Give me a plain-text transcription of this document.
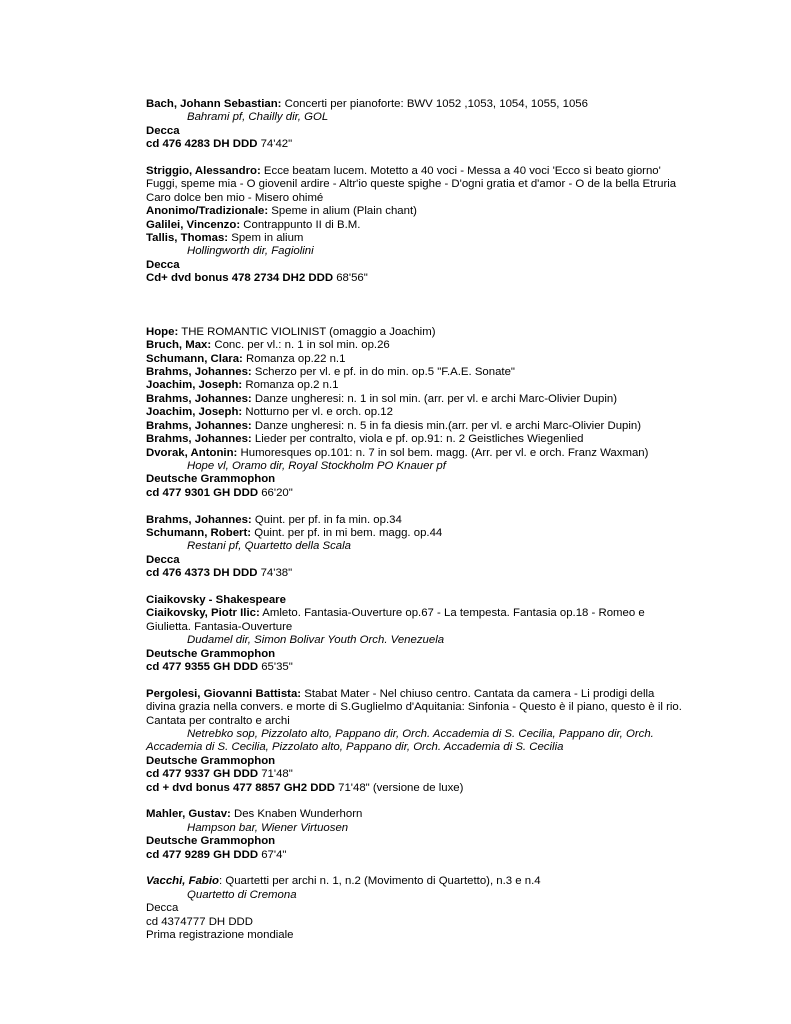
Bach, Johann Sebastian: Concerti per pianoforte: BWV 1052 ,1053, 1054, 1055, 1056
Bahrami pf, Chailly dir, GOL
Decca
cd 476 4283 DH DDD 74'42"
Striggio, Alessandro: Ecce beatam lucem. Motetto a 40 voci - Messa a 40 voci 'Ecco sì beato giorno'
Fuggi, speme mia - O giovenil ardire - Altr'io queste spighe - D'ogni gratia et d'amor - O de la bella Etruria
Caro dolce ben mio - Misero ohimé
Anonimo/Tradizionale: Speme in alium (Plain chant)
Galilei, Vincenzo: Contrappunto II di B.M.
Tallis, Thomas: Spem in alium
Hollingworth dir, Fagiolini
Decca
Cd+ dvd bonus 478 2734 DH2 DDD 68'56"
Hope: THE ROMANTIC VIOLINIST (omaggio a Joachim)
Bruch, Max: Conc. per vl.: n. 1 in sol min. op.26
Schumann, Clara: Romanza op.22 n.1
Brahms, Johannes: Scherzo per vl. e pf. in do min. op.5 "F.A.E. Sonate"
Joachim, Joseph: Romanza op.2 n.1
Brahms, Johannes: Danze ungheresi: n. 1 in sol min. (arr. per vl. e archi Marc-Olivier Dupin)
Joachim, Joseph: Notturno per vl. e orch. op.12
Brahms, Johannes: Danze ungheresi: n. 5 in fa diesis min.(arr. per vl. e archi Marc-Olivier Dupin)
Brahms, Johannes: Lieder per contralto, viola e pf. op.91: n. 2 Geistliches Wiegenlied
Dvorak, Antonin: Humoresques op.101: n. 7 in sol bem. magg. (Arr. per vl. e orch. Franz Waxman)
Hope vl, Oramo dir, Royal Stockholm PO Knauer pf
Deutsche Grammophon
cd 477 9301 GH DDD 66'20"
Brahms, Johannes: Quint. per pf. in fa min. op.34
Schumann, Robert: Quint. per pf. in mi bem. magg. op.44
Restani pf, Quartetto della Scala
Decca
cd 476 4373 DH DDD 74'38"
Ciaikovsky - Shakespeare
Ciaikovsky, Piotr Ilic: Amleto. Fantasia-Ouverture op.67 - La tempesta. Fantasia op.18 - Romeo e
Giulietta. Fantasia-Ouverture
Dudamel dir, Simon Bolivar Youth Orch. Venezuela
Deutsche Grammophon
cd 477 9355 GH DDD 65'35"
Pergolesi, Giovanni Battista: Stabat Mater - Nel chiuso centro. Cantata da camera - Li prodigi della
divina grazia nella convers. e morte di S.Guglielmo d'Aquitania: Sinfonia - Questo è il piano, questo è il rio.
Cantata per contralto e archi
Netrebko sop, Pizzolato alto, Pappano dir, Orch. Accademia di S. Cecilia, Pappano dir, Orch.
Accademia di S. Cecilia, Pizzolato alto, Pappano dir, Orch. Accademia di S. Cecilia
Deutsche Grammophon
cd 477 9337 GH DDD 71'48"
cd + dvd bonus 477 8857 GH2 DDD 71'48" (versione de luxe)
Mahler, Gustav: Des Knaben Wunderhorn
Hampson bar, Wiener Virtuosen
Deutsche Grammophon
cd 477 9289 GH DDD 67'4"
Vacchi, Fabio: Quartetti per archi n. 1, n.2 (Movimento di Quartetto), n.3 e n.4
Quartetto di Cremona
Decca
cd 4374777 DH DDD
Prima registrazione mondiale
